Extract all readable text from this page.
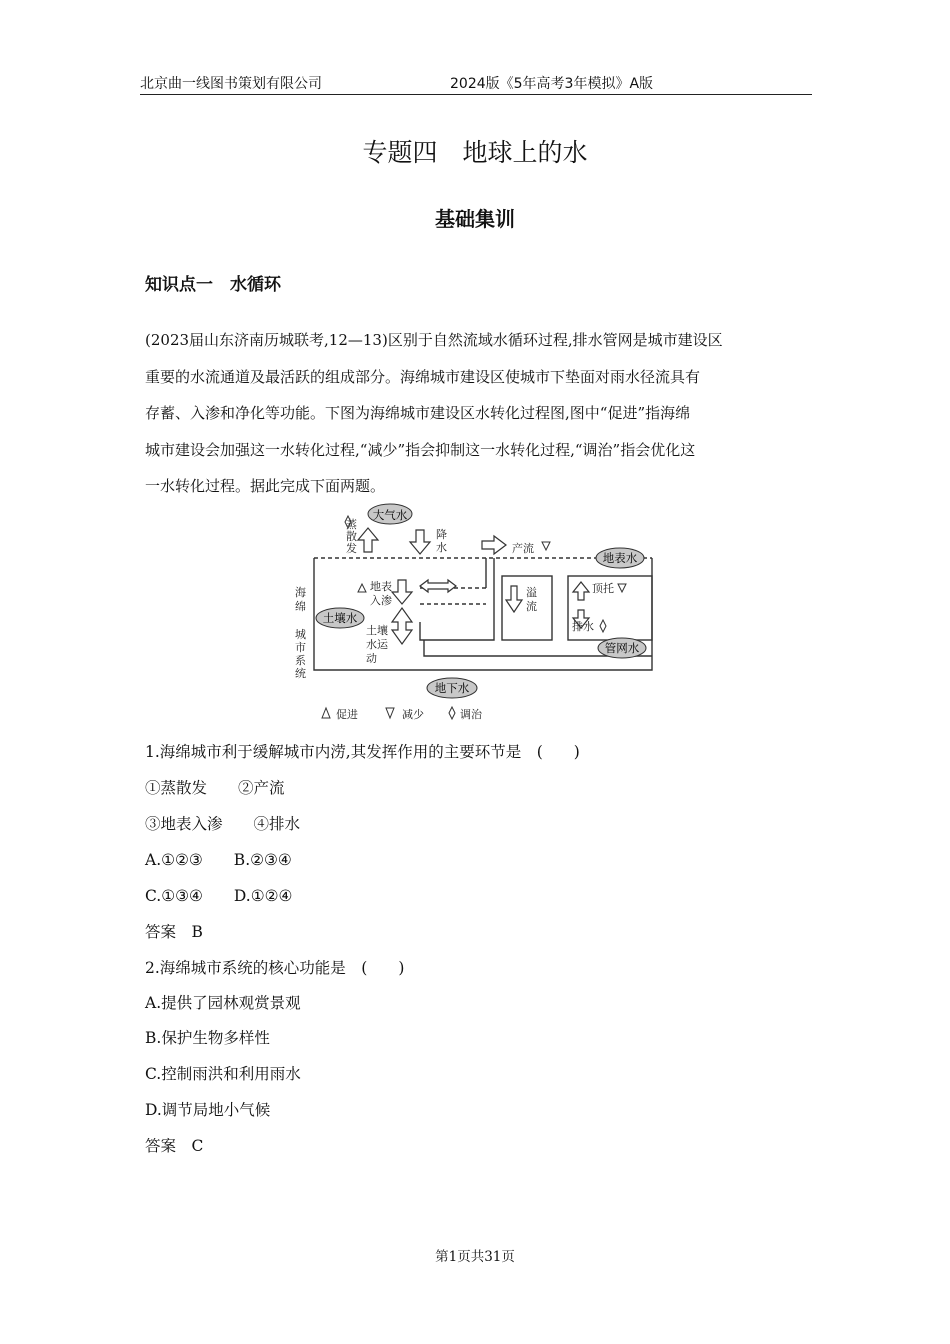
北京曲一线图书策划有限公司	2024版《5年高考3年模拟》A版
专题四　地球上的水
基础集训
知识点一　水循环
(2023届山东济南历城联考,12—13)区别于自然流域水循环过程,排水管网是城市建设区
重要的水流通道及最活跃的组成部分。海绵城市建设区使城市下垫面对雨水径流具有
存蓄、入渗和净化等功能。下图为海绵城市建设区水转化过程图,图中“促进”指海绵
城市建设会加强这一水转化过程,“减少”指会抑制这一水转化过程,“调治”指会优化这
一水转化过程。据此完成下面两题。
大气水
地表水
土壤水
管网水
地下水
蒸
散
发
降
水	产流
海
绵
城
市
系
统
地表
入渗
土壤
水运
动
溢
流
顶托
排水
促进	减少	调治
1.海绵城市利于缓解城市内涝,其发挥作用的主要环节是　(　　)
①蒸散发　　②产流
③地表入渗　　④排水
A.①②③　　B.②③④
C.①③④　　D.①②④
答案　B
2.海绵城市系统的核心功能是　(　　)
A.提供了园林观赏景观
B.保护生物多样性
C.控制雨洪和利用雨水
D.调节局地小气候
答案　C
第1页共31页
